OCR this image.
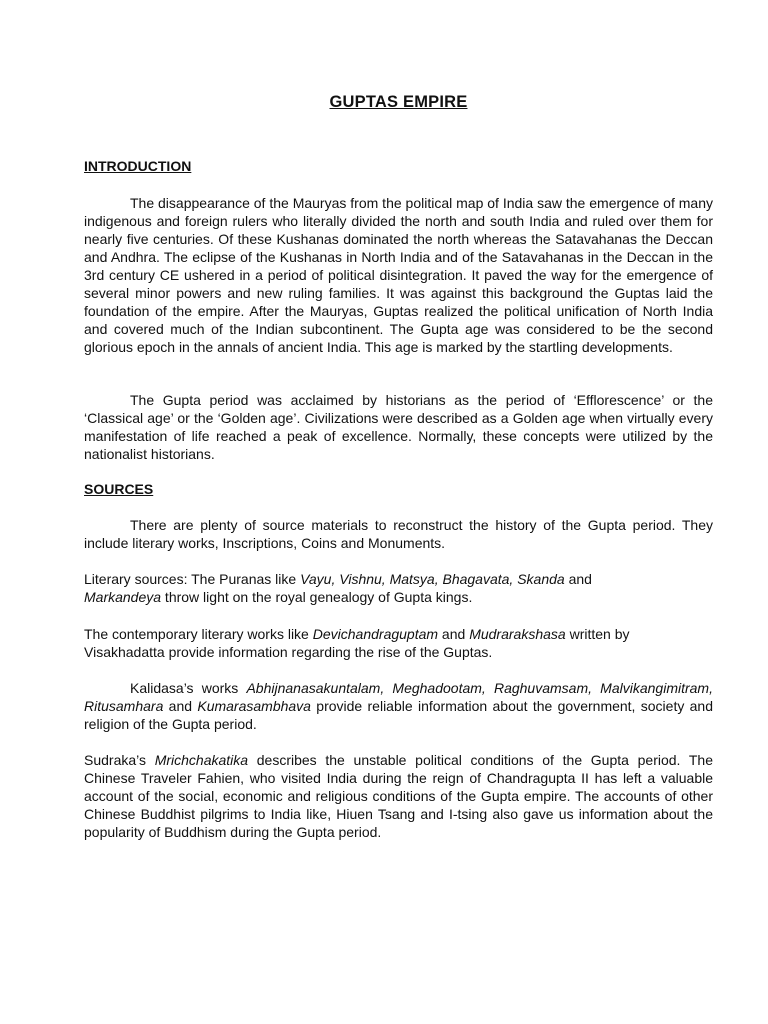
GUPTAS EMPIRE
INTRODUCTION

The disappearance of the Mauryas from the political map of India saw the emergence of many indigenous and foreign rulers who literally divided the north and south India and ruled over them for nearly five centuries. Of these Kushanas dominated the north whereas the Satavahanas the Deccan and Andhra. The eclipse of the Kushanas in North India and of the Satavahanas in the Deccan in the 3rd century CE ushered in a period of political disintegration. It paved the way for the emergence of several minor powers and new ruling families. It was against this background the Guptas laid the foundation of the empire. After the Mauryas, Guptas realized the political unification of North India and covered much of the Indian subcontinent. The Gupta age was considered to be the second glorious epoch in the annals of ancient India. This age is marked by the startling developments.

The Gupta period was acclaimed by historians as the period of ‘Efflorescence’ or the ‘Classical age’ or the ‘Golden age’. Civilizations were described as a Golden age when virtually every manifestation of life reached a peak of excellence. Normally, these concepts were utilized by the nationalist historians.

SOURCES

There are plenty of source materials to reconstruct the history of the Gupta period. They include literary works, Inscriptions, Coins and Monuments.

Literary sources: The Puranas like Vayu, Vishnu, Matsya, Bhagavata, Skanda and Markandeya throw light on the royal genealogy of Gupta kings.

The contemporary literary works like Devichandraguptam and Mudrarakshasa written by Visakhadatta provide information regarding the rise of the Guptas.

Kalidasa’s works Abhijnanasakuntalam, Meghadootam, Raghuvamsam, Malvikangimitram, Ritusamhara and Kumarasambhava provide reliable information about the government, society and religion of the Gupta period.

Sudraka’s Mrichchakatika describes the unstable political conditions of the Gupta period. The Chinese Traveler Fahien, who visited India during the reign of Chandragupta II has left a valuable account of the social, economic and religious conditions of the Gupta empire. The accounts of other Chinese Buddhist pilgrims to India like, Hiuen Tsang and I-tsing also gave us information about the popularity of Buddhism during the Gupta period.
